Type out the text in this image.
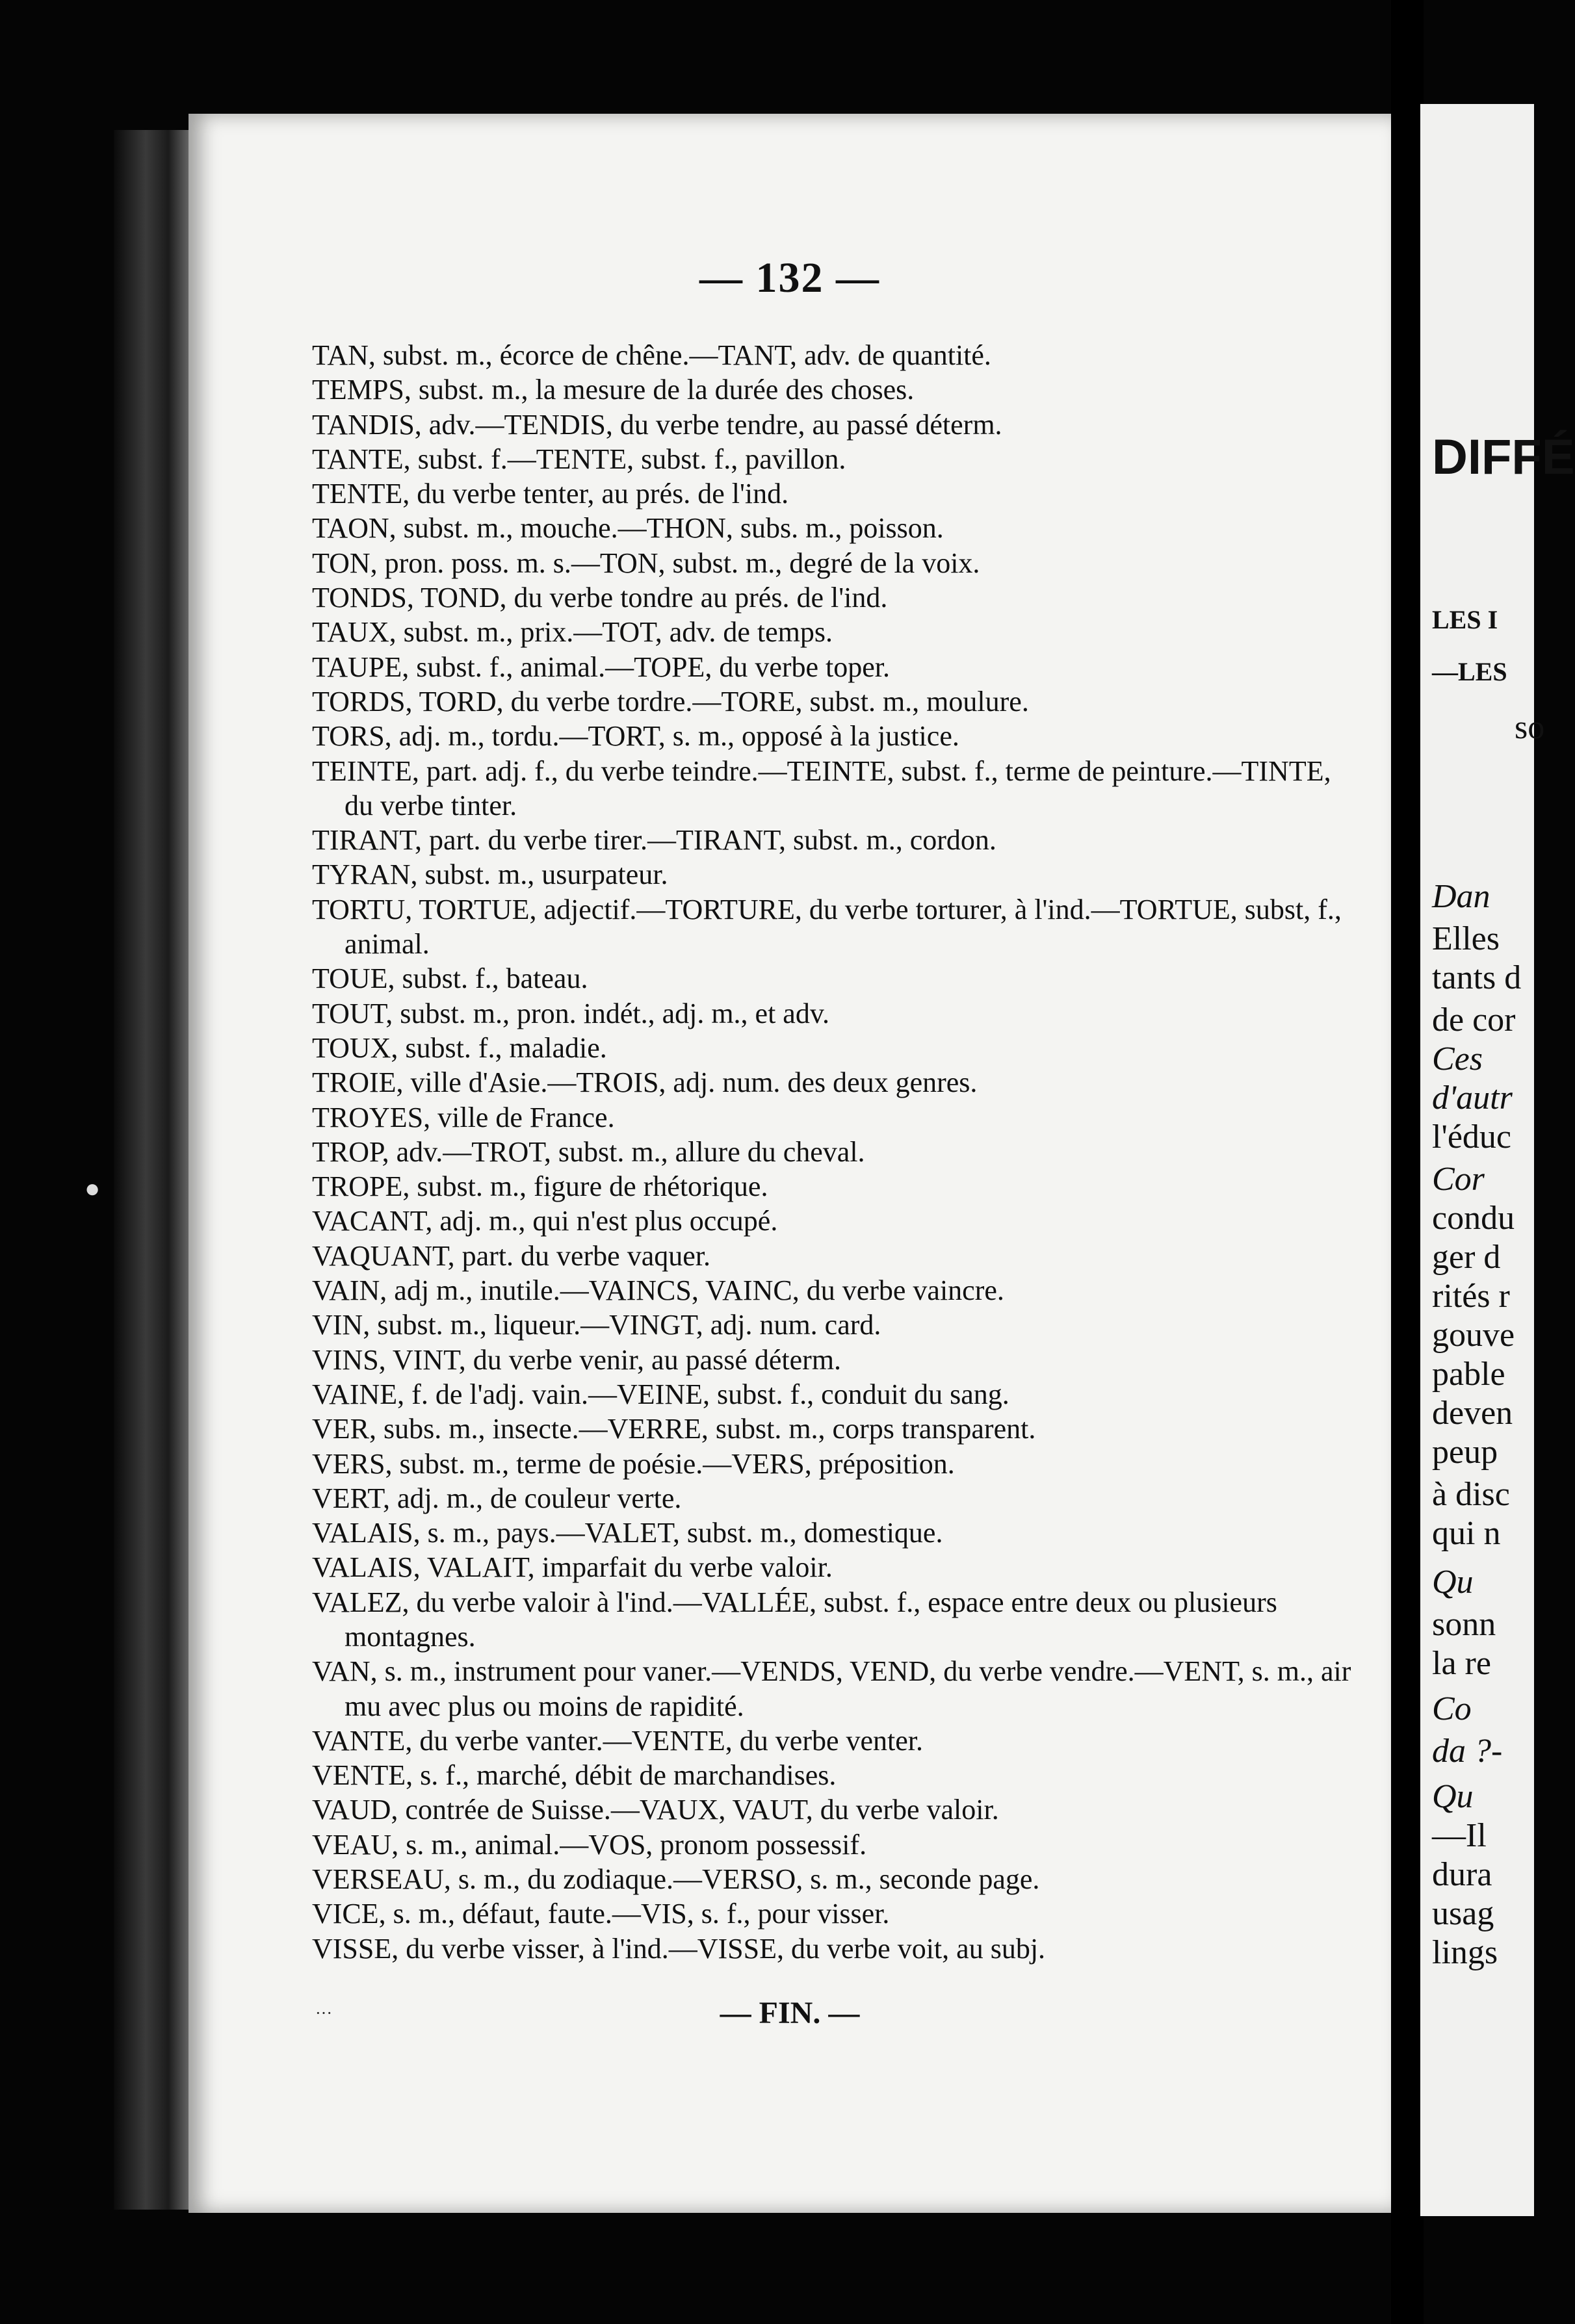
— 132 —
TAN, subst. m., écorce de chêne.—TANT, adv. de quantité.
TEMPS, subst. m., la mesure de la durée des choses.
TANDIS, adv.—TENDIS, du verbe tendre, au passé déterm.
TANTE, subst. f.—TENTE, subst. f., pavillon.
TENTE, du verbe tenter, au prés. de l'ind.
TAON, subst. m., mouche.—THON, subs. m., poisson.
TON, pron. poss. m. s.—TON, subst. m., degré de la voix.
TONDS, TOND, du verbe tondre au prés. de l'ind.
TAUX, subst. m., prix.—TOT, adv. de temps.
TAUPE, subst. f., animal.—TOPE, du verbe toper.
TORDS, TORD, du verbe tordre.—TORE, subst. m., moulure.
TORS, adj. m., tordu.—TORT, s. m., opposé à la justice.
TEINTE, part. adj. f., du verbe teindre.—TEINTE, subst. f., terme de peinture.—TINTE, du verbe tinter.
TIRANT, part. du verbe tirer.—TIRANT, subst. m., cordon.
TYRAN, subst. m., usurpateur.
TORTU, TORTUE, adjectif.—TORTURE, du verbe torturer, à l'ind.—TORTUE, subst, f., animal.
TOUE, subst. f., bateau.
TOUT, subst. m., pron. indét., adj. m., et adv.
TOUX, subst. f., maladie.
TROIE, ville d'Asie.—TROIS, adj. num. des deux genres.
TROYES, ville de France.
TROP, adv.—TROT, subst. m., allure du cheval.
TROPE, subst. m., figure de rhétorique.
VACANT, adj. m., qui n'est plus occupé.
VAQUANT, part. du verbe vaquer.
VAIN, adj m., inutile.—VAINCS, VAINC, du verbe vaincre.
VIN, subst. m., liqueur.—VINGT, adj. num. card.
VINS, VINT, du verbe venir, au passé déterm.
VAINE, f. de l'adj. vain.—VEINE, subst. f., conduit du sang.
VER, subs. m., insecte.—VERRE, subst. m., corps transparent.
VERS, subst. m., terme de poésie.—VERS, préposition.
VERT, adj. m., de couleur verte.
VALAIS, s. m., pays.—VALET, subst. m., domestique.
VALAIS, VALAIT, imparfait du verbe valoir.
VALEZ, du verbe valoir à l'ind.—VALLÉE, subst. f., espace entre deux ou plusieurs montagnes.
VAN, s. m., instrument pour vaner.—VENDS, VEND, du verbe vendre.—VENT, s. m., air mu avec plus ou moins de rapidité.
VANTE, du verbe vanter.—VENTE, du verbe venter.
VENTE, s. f., marché, débit de marchandises.
VAUD, contrée de Suisse.—VAUX, VAUT, du verbe valoir.
VEAU, s. m., animal.—VOS, pronom possessif.
VERSEAU, s. m., du zodiaque.—VERSO, s. m., seconde page.
VICE, s. m., défaut, faute.—VIS, s. f., pour visser.
VISSE, du verbe visser, à l'ind.—VISSE, du verbe voit, au subj.
— FIN. —
···
●
DIFFÉ
LES I
—LES
so
Dan
Elles
tants d
de cor
Ces
d'autr
l'éduc
Cor
condu
ger d
rités r
gouve
pable
deven
peup
à disc
qui n
Qu
sonn
la re
Co
da ?-
Qu
—Il
dura
usag
lings
